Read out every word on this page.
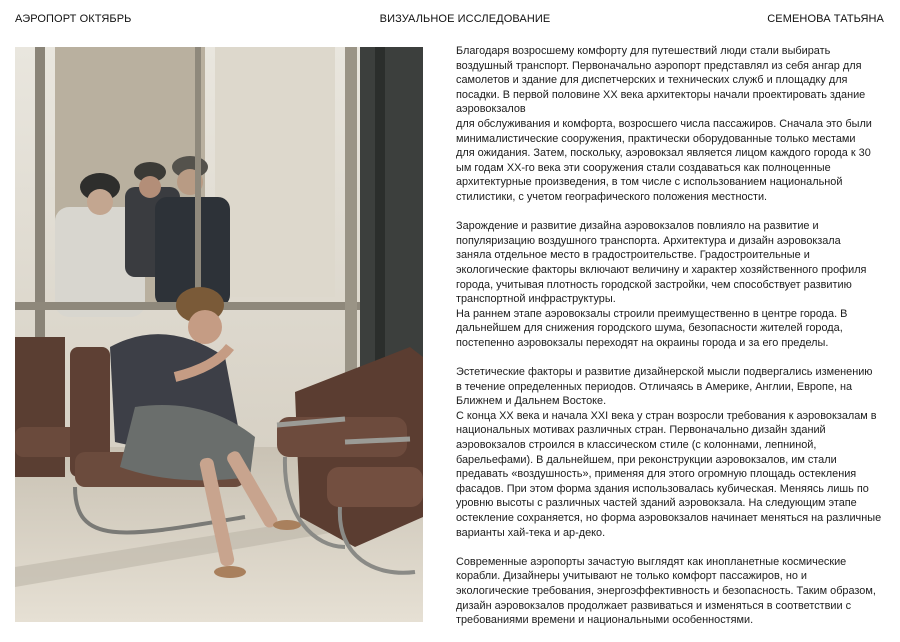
АЭРОПОРТ ОКТЯБРЬ	ВИЗУАЛЬНОЕ ИССЛЕДОВАНИЕ	СЕМЕНОВА ТАТЬЯНА

Благодаря возросшему комфорту для путешествий люди стали выбирать
воздушный транспорт. Первоначально аэропорт представлял из себя ангар для
самолетов и здание для диспетчерских и технических служб и площадку для
посадки. В первой половине ХХ века архитекторы начали проектировать здание
аэровокзалов
для обслуживания и комфорта, возросшего числа пассажиров. Сначала это были
минималистические сооружения, практически оборудованные только местами
для ожидания. Затем, поскольку, аэровокзал является лицом каждого города к 30
ым годам ХХ-го века эти сооружения стали создаваться как полноценные
архитектурные произведения, в том числе с использованием национальной
стилистики, с учетом географического положения местности.

Зарождение и развитие дизайна аэровокзалов повлияло на развитие и
популяризацию воздушного транспорта. Архитектура и дизайн аэровокзала
заняла отдельное место в градостроительстве. Градостроительные и
экологические факторы включают величину и характер хозяйственного профиля
города, учитывая плотность городской застройки, чем способствует развитию
транспортной инфраструктуры.
На раннем этапе аэровокзалы строили преимущественно в центре города. В
дальнейшем для снижения городского шума, безопасности жителей города,
постепенно аэровокзалы переходят на окраины города и за его пределы.

Эстетические факторы и развитие дизайнерской мысли подвергались изменению
в течение определенных периодов. Отличаясь в Америке, Англии, Европе, на
Ближнем и Дальнем Востоке.
С конца ХХ века и начала ХХI века у стран возросли требования к аэровокзалам в
национальных мотивах различных стран. Первоначально дизайн зданий
аэровокзалов строился в классическом стиле (с колоннами, лепниной,
барельефами). В дальнейшем, при реконструкции аэровокзалов, им стали
предавать «воздушность», применяя для этого огромную площадь остекления
фасадов. При этом форма здания использовалась кубическая. Меняясь лишь по
уровню высоты с различных частей зданий аэровокзала. На следующим этапе
остекление сохраняется, но форма аэровокзалов начинает меняться на различные
варианты хай-тека и ар-деко.

Современные аэропорты зачастую выглядят как инопланетные космические
корабли. Дизайнеры учитывают не только комфорт пассажиров, но и
экологические требования, энергоэффективность и безопасность. Таким образом,
дизайн аэровокзалов продолжает развиваться и изменяться в соответствии с
требованиями времени и национальными особенностями.
